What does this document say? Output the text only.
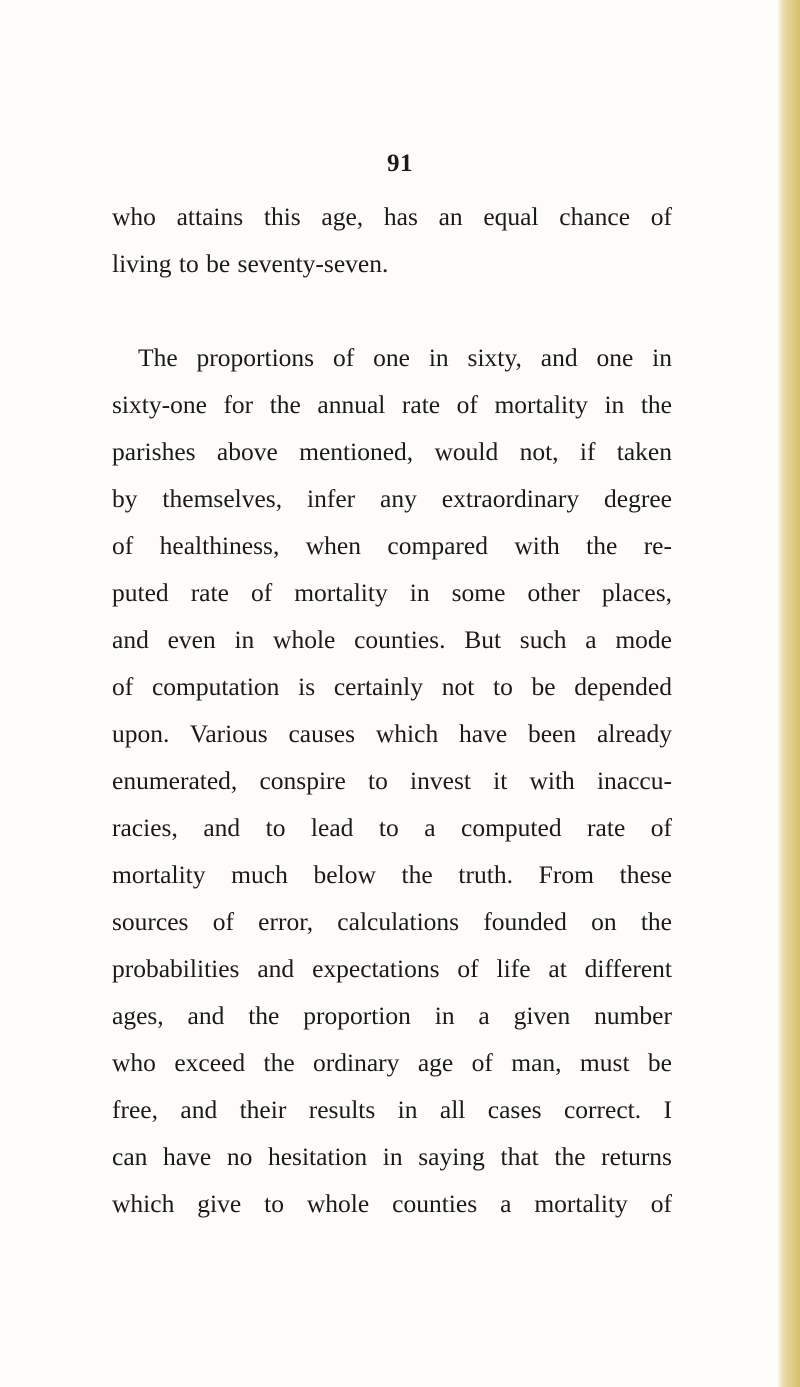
91

who attains this age, has an equal chance of
living to be seventy-seven.

The proportions of one in sixty, and one in
sixty-one for the annual rate of mortality in the
parishes above mentioned, would not, if taken
by themselves, infer any extraordinary degree
of healthiness, when compared with the re-
puted rate of mortality in some other places,
and even in whole counties. But such a mode
of computation is certainly not to be depended
upon. Various causes which have been already
enumerated, conspire to invest it with inaccu-
racies, and to lead to a computed rate of
mortality much below the truth. From these
sources of error, calculations founded on the
probabilities and expectations of life at different
ages, and the proportion in a given number
who exceed the ordinary age of man, must be
free, and their results in all cases correct. I
can have no hesitation in saying that the returns
which give to whole counties a mortality of
